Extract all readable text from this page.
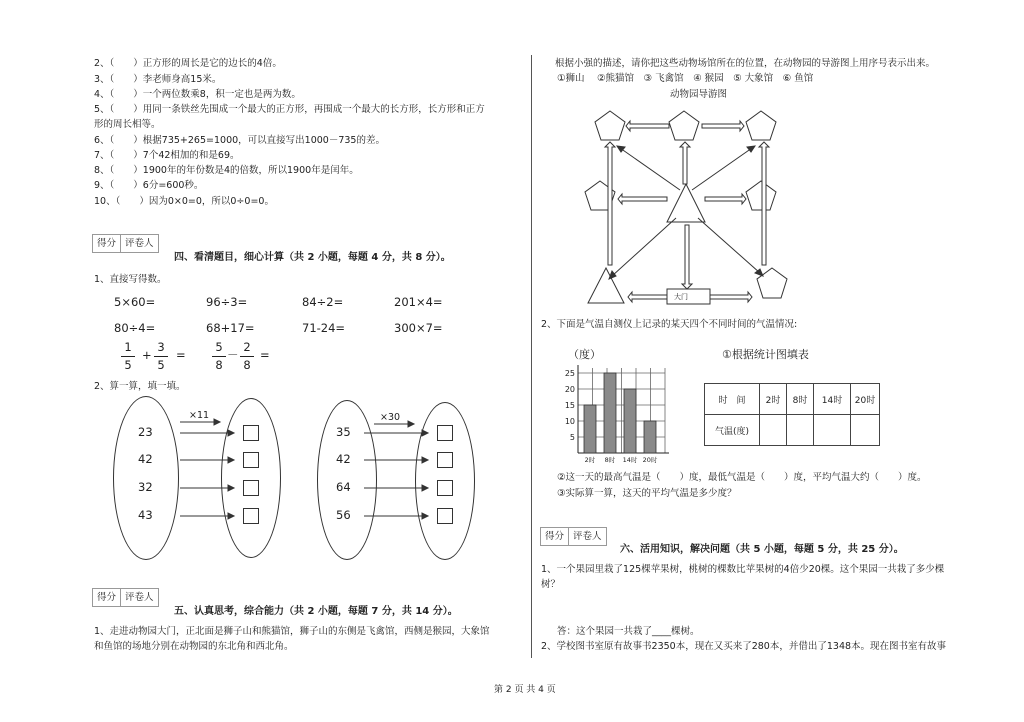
2、（　　）正方形的周长是它的边长的4倍。
3、（　　）李老师身高15米。
4、（　　）一个两位数乘8，积一定也是两为数。
5、（　　）用同一条铁丝先围成一个最大的正方形，再围成一个最大的长方形，长方形和正方
形的周长相等。
6、（　　）根据735+265=1000，可以直接写出1000－735的差。
7、（　　）7个42相加的和是69。
8、（　　）1900年的年份数是4的倍数，所以1900年是闰年。
9、（　　）6分=600秒。
10、（　　）因为0×0=0，所以0÷0=0。
得分 评卷人
四、看清题目，细心计算（共 2 小题，每题 4 分，共 8 分）。
1、直接写得数。
5×60=	96÷3=	84÷2=	201×4=
80÷4=	68+17=	71-24=	300×7=
1
5
+
3
5
=
5
8
－
2
8
=
2、算一算，填一填。
×11
23
42
32
43
×30
35
42
64
56
得分 评卷人
五、认真思考，综合能力（共 2 小题，每题 7 分，共 14 分）。
1、走进动物园大门，正北面是狮子山和熊猫馆，狮子山的东侧是飞禽馆，西侧是猴园，大象馆
和鱼馆的场地分别在动物园的东北角和西北角。
根据小强的描述，请你把这些动物场馆所在的位置，在动物园的导游图上用序号表示出来。
①狮山　 ②熊猫馆　③ 飞禽馆　④ 猴园　⑤ 大象馆　⑥ 鱼馆
动物园导游图
大门
2、下面是气温自测仪上记录的某天四个不同时间的气温情况:
（度）	①根据统计图填表
5
10
15
20
25
2时 8时 14时 20时
时　间	2时	8时	14时	20时
气温(度)				
②这一天的最高气温是（　　）度，最低气温是（　　）度，平均气温大约（　　）度。
③实际算一算，这天的平均气温是多少度？
得分 评卷人
六、活用知识，解决问题（共 5 小题，每题 5 分，共 25 分）。
1、一个果园里栽了125棵苹果树，桃树的棵数比苹果树的4倍少20棵。这个果园一共栽了多少棵
树？
答：这个果园一共栽了____棵树。
2、学校图书室原有故事书2350本，现在又买来了280本，并借出了1348本。现在图书室有故事
第 2 页 共 4 页
